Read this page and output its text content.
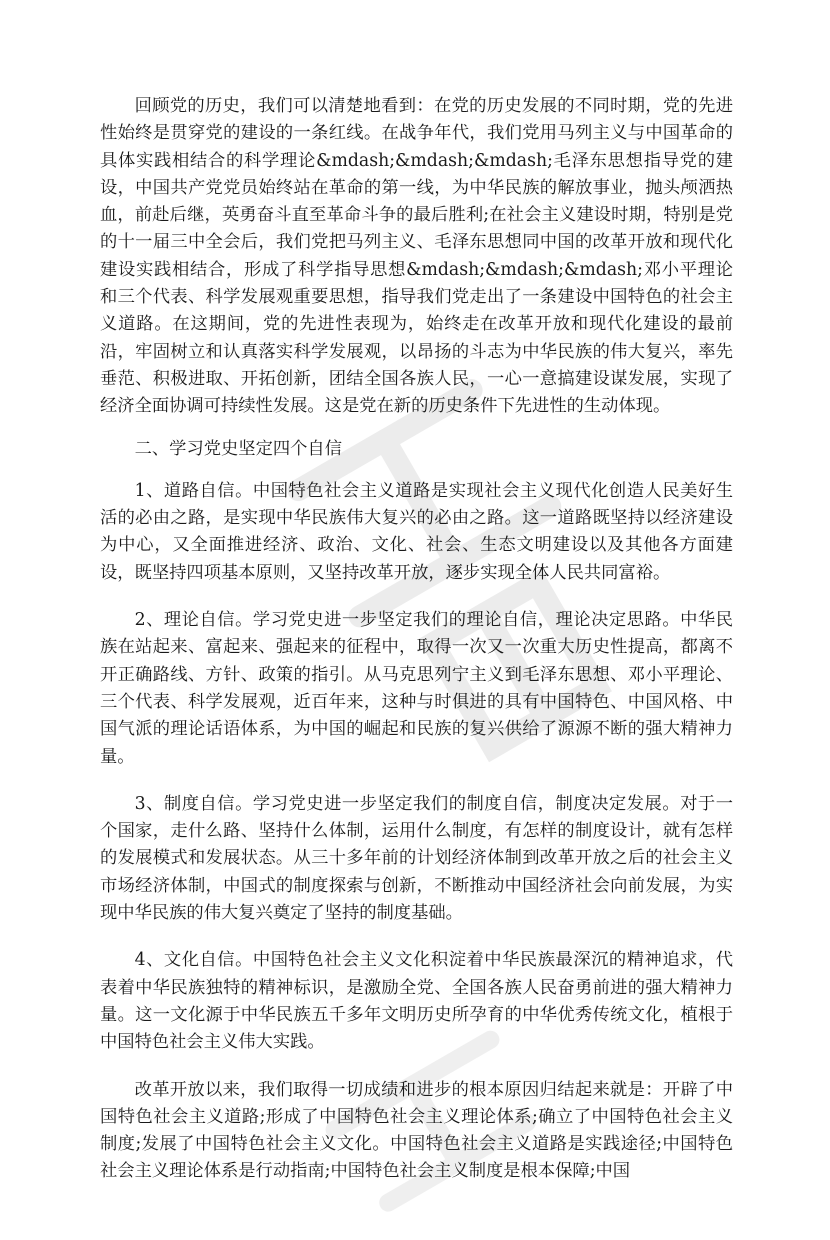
回顾党的历史，我们可以清楚地看到：在党的历史发展的不同时期，党的先进性始终是贯穿党的建设的一条红线。在战争年代，我们党用马列主义与中国革命的具体实践相结合的科学理论&mdash;&mdash;&mdash;毛泽东思想指导党的建设，中国共产党党员始终站在革命的第一线，为中华民族的解放事业，抛头颅洒热血，前赴后继，英勇奋斗直至革命斗争的最后胜利;在社会主义建设时期，特别是党的十一届三中全会后，我们党把马列主义、毛泽东思想同中国的改革开放和现代化建设实践相结合，形成了科学指导思想&mdash;&mdash;&mdash;邓小平理论和三个代表、科学发展观重要思想，指导我们党走出了一条建设中国特色的社会主义道路。在这期间，党的先进性表现为，始终走在改革开放和现代化建设的最前沿，牢固树立和认真落实科学发展观，以昂扬的斗志为中华民族的伟大复兴，率先垂范、积极进取、开拓创新，团结全国各族人民，一心一意搞建设谋发展，实现了经济全面协调可持续性发展。这是党在新的历史条件下先进性的生动体现。

二、学习党史坚定四个自信

1、道路自信。中国特色社会主义道路是实现社会主义现代化创造人民美好生活的必由之路，是实现中华民族伟大复兴的必由之路。这一道路既坚持以经济建设为中心，又全面推进经济、政治、文化、社会、生态文明建设以及其他各方面建设，既坚持四项基本原则，又坚持改革开放，逐步实现全体人民共同富裕。

2、理论自信。学习党史进一步坚定我们的理论自信，理论决定思路。中华民族在站起来、富起来、强起来的征程中，取得一次又一次重大历史性提高，都离不开正确路线、方针、政策的指引。从马克思列宁主义到毛泽东思想、邓小平理论、三个代表、科学发展观，近百年来，这种与时俱进的具有中国特色、中国风格、中国气派的理论话语体系，为中国的崛起和民族的复兴供给了源源不断的强大精神力量。

3、制度自信。学习党史进一步坚定我们的制度自信，制度决定发展。对于一个国家，走什么路、坚持什么体制，运用什么制度，有怎样的制度设计，就有怎样的发展模式和发展状态。从三十多年前的计划经济体制到改革开放之后的社会主义市场经济体制，中国式的制度探索与创新，不断推动中国经济社会向前发展，为实现中华民族的伟大复兴奠定了坚持的制度基础。

4、文化自信。中国特色社会主义文化积淀着中华民族最深沉的精神追求，代表着中华民族独特的精神标识，是激励全党、全国各族人民奋勇前进的强大精神力量。这一文化源于中华民族五千多年文明历史所孕育的中华优秀传统文化，植根于中国特色社会主义伟大实践。

改革开放以来，我们取得一切成绩和进步的根本原因归结起来就是：开辟了中国特色社会主义道路;形成了中国特色社会主义理论体系;确立了中国特色社会主义制度;发展了中国特色社会主义文化。中国特色社会主义道路是实践途径;中国特色社会主义理论体系是行动指南;中国特色社会主义制度是根本保障;中国
